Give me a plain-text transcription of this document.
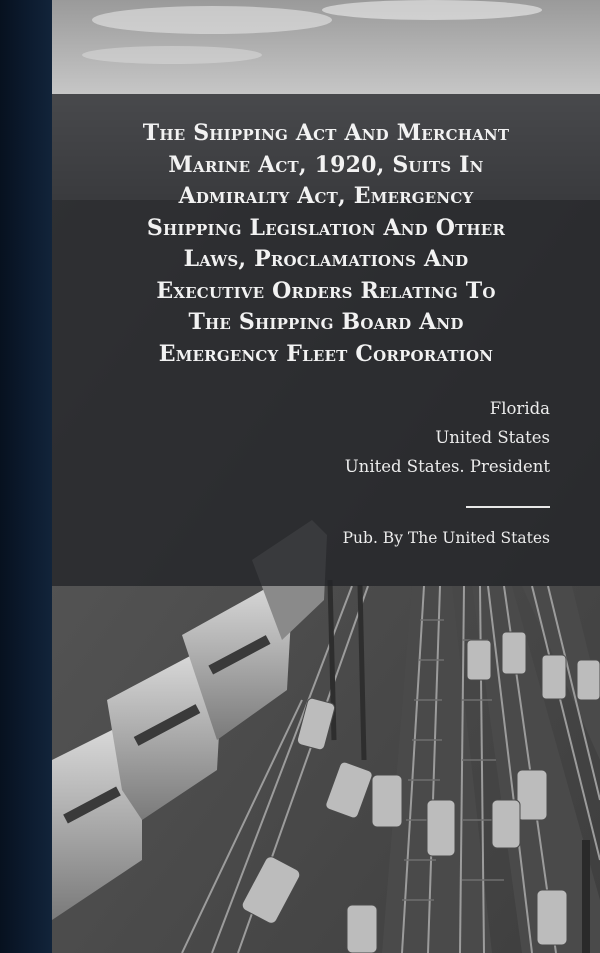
The Shipping Act And Merchant
Marine Act, 1920, Suits In
Admiralty Act, Emergency
Shipping Legislation And Other
Laws, Proclamations And
Executive Orders Relating To
The Shipping Board And
Emergency Fleet Corporation
Florida
United States
United States. President
Pub. By The United States
